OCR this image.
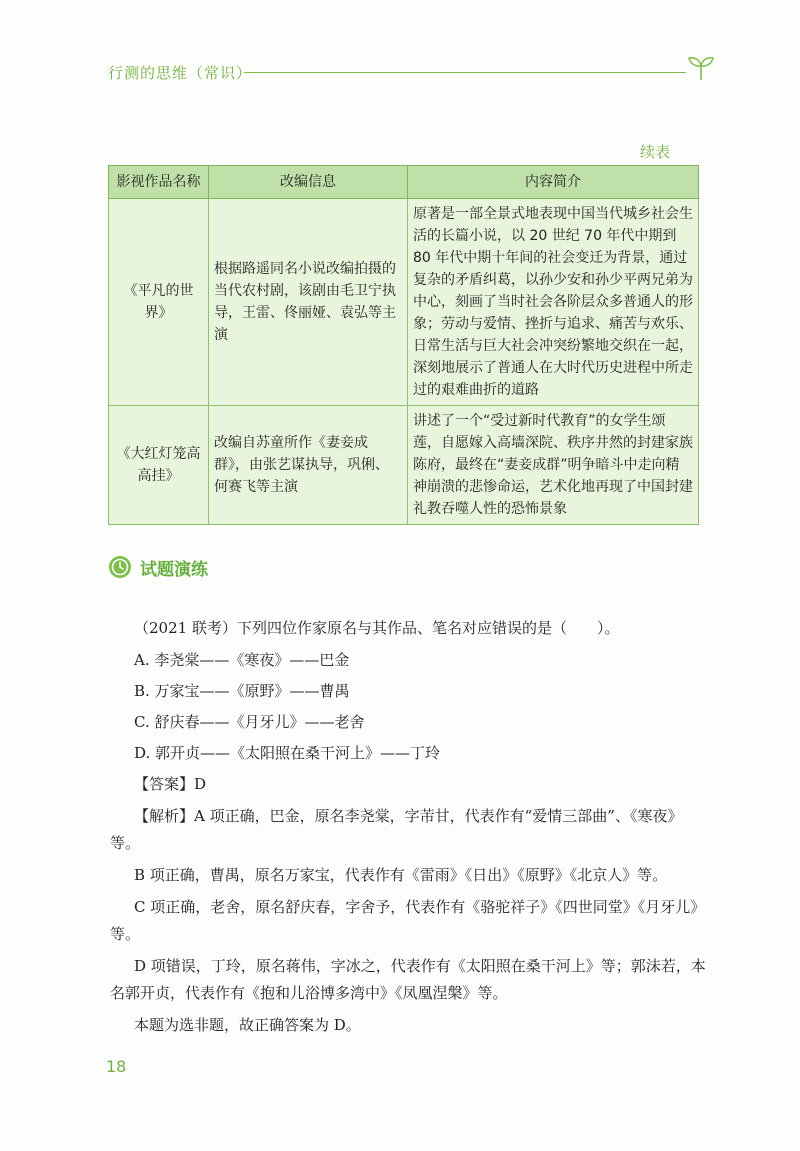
行测的思维（常识）
续表
影视作品名称	改编信息	内容简介
《平凡的世界》	根据路遥同名小说改编拍摄的当代农村剧，该剧由毛卫宁执导，王雷、佟丽娅、袁弘等主演	原著是一部全景式地表现中国当代城乡社会生活的长篇小说，以 20 世纪 70 年代中期到 80 年代中期十年间的社会变迁为背景，通过复杂的矛盾纠葛，以孙少安和孙少平两兄弟为中心，刻画了当时社会各阶层众多普通人的形象；劳动与爱情、挫折与追求、痛苦与欢乐、日常生活与巨大社会冲突纷繁地交织在一起，深刻地展示了普通人在大时代历史进程中所走过的艰难曲折的道路
《大红灯笼高高挂》	改编自苏童所作《妻妾成群》，由张艺谋执导，巩俐、何赛飞等主演	讲述了一个“受过新时代教育”的女学生颂莲，自愿嫁入高墙深院、秩序井然的封建家族陈府，最终在“妻妾成群”明争暗斗中走向精神崩溃的悲惨命运，艺术化地再现了中国封建礼教吞噬人性的恐怖景象
试题演练

（2021 联考）下列四位作家原名与其作品、笔名对应错误的是（　　）。

A. 李尧棠——《寒夜》——巴金

B. 万家宝——《原野》——曹禺

C. 舒庆春——《月牙儿》——老舍

D. 郭开贞——《太阳照在桑干河上》——丁玲

【答案】D

【解析】A 项正确，巴金，原名李尧棠，字芾甘，代表作有“爱情三部曲”、《寒夜》等。

B 项正确，曹禺，原名万家宝，代表作有《雷雨》《日出》《原野》《北京人》等。

C 项正确，老舍，原名舒庆春，字舍予，代表作有《骆驼祥子》《四世同堂》《月牙儿》等。

D 项错误，丁玲，原名蒋伟，字冰之，代表作有《太阳照在桑干河上》等；郭沫若，本名郭开贞，代表作有《抱和儿浴博多湾中》《凤凰涅槃》等。

本题为选非题，故正确答案为 D。

18
